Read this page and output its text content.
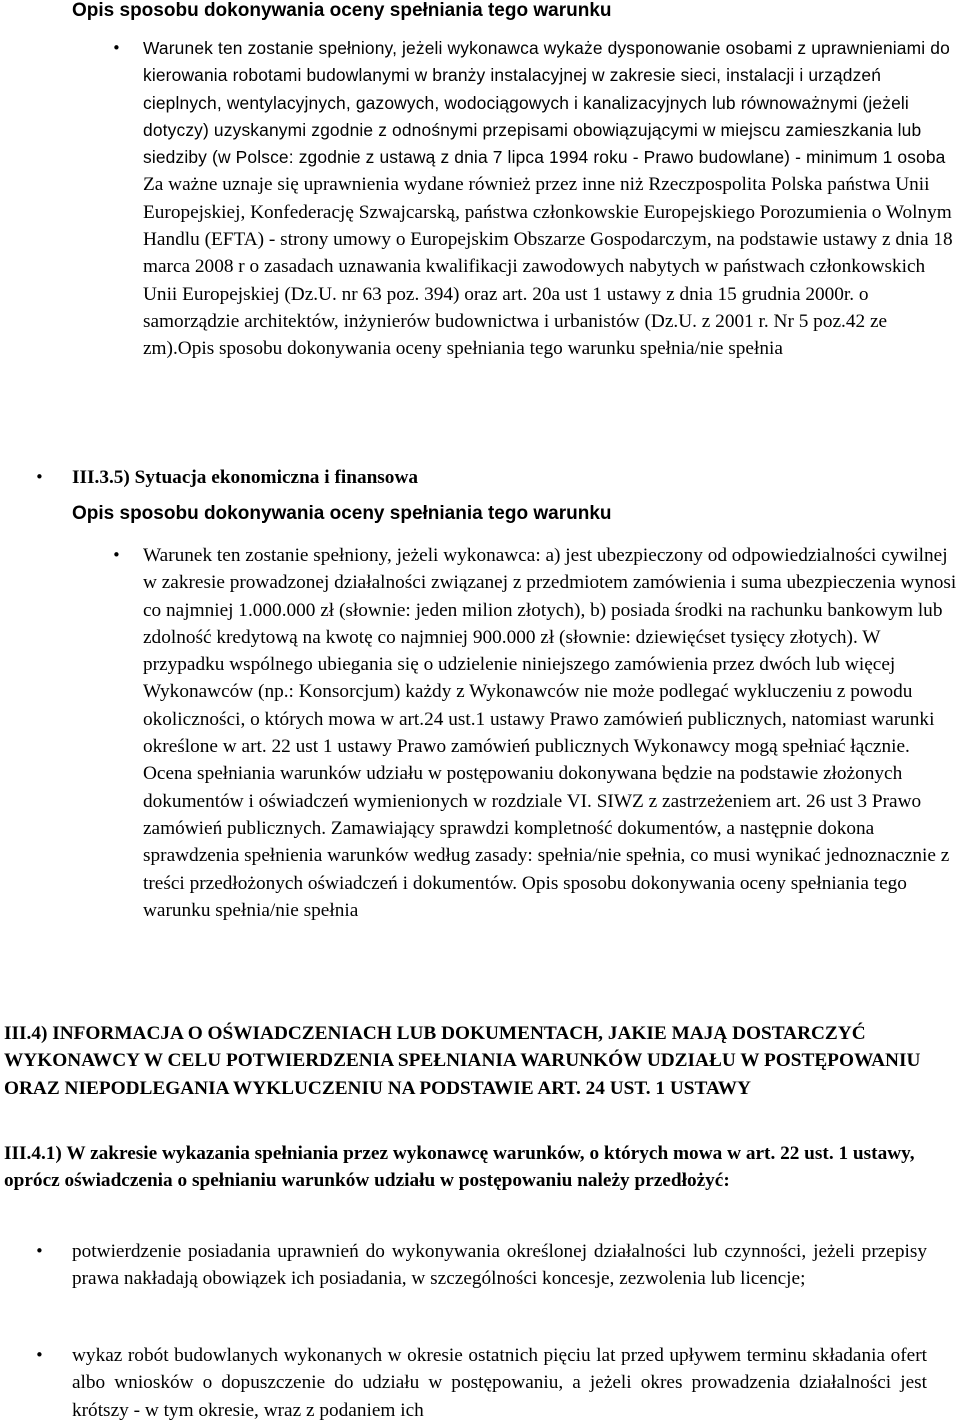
Opis sposobu dokonywania oceny spełniania tego warunku

• Warunek ten zostanie spełniony, jeżeli wykonawca wykaże dysponowanie osobami z uprawnieniami do kierowania robotami budowlanymi w branży instalacyjnej w zakresie sieci, instalacji i urządzeń cieplnych, wentylacyjnych, gazowych, wodociągowych i kanalizacyjnych lub równoważnymi (jeżeli dotyczy) uzyskanymi zgodnie z odnośnymi przepisami obowiązującymi w miejscu zamieszkania lub siedziby (w Polsce: zgodnie z ustawą z dnia 7 lipca 1994 roku - Prawo budowlane) - minimum 1 osoba Za ważne uznaje się uprawnienia wydane również przez inne niż Rzeczpospolita Polska państwa Unii Europejskiej, Konfederację Szwajcarską, państwa członkowskie Europejskiego Porozumienia o Wolnym Handlu (EFTA) - strony umowy o Europejskim Obszarze Gospodarczym, na podstawie ustawy z dnia 18 marca 2008 r o zasadach uznawania kwalifikacji zawodowych nabytych w państwach członkowskich Unii Europejskiej (Dz.U. nr 63 poz. 394) oraz art. 20a ust 1 ustawy z dnia 15 grudnia 2000r. o samorządzie architektów, inżynierów budownictwa i urbanistów (Dz.U. z 2001 r. Nr 5 poz.42 ze zm).Opis sposobu dokonywania oceny spełniania tego warunku spełnia/nie spełnia

• III.3.5) Sytuacja ekonomiczna i finansowa
Opis sposobu dokonywania oceny spełniania tego warunku

• Warunek ten zostanie spełniony, jeżeli wykonawca: a) jest ubezpieczony od odpowiedzialności cywilnej w zakresie prowadzonej działalności związanej z przedmiotem zamówienia i suma ubezpieczenia wynosi co najmniej 1.000.000 zł (słownie: jeden milion złotych), b) posiada środki na rachunku bankowym lub zdolność kredytową na kwotę co najmniej 900.000 zł (słownie: dziewięćset tysięcy złotych). W przypadku wspólnego ubiegania się o udzielenie niniejszego zamówienia przez dwóch lub więcej Wykonawców (np.: Konsorcjum) każdy z Wykonawców nie może podlegać wykluczeniu z powodu okoliczności, o których mowa w art.24 ust.1 ustawy Prawo zamówień publicznych, natomiast warunki określone w art. 22 ust 1 ustawy Prawo zamówień publicznych Wykonawcy mogą spełniać łącznie. Ocena spełniania warunków udziału w postępowaniu dokonywana będzie na podstawie złożonych dokumentów i oświadczeń wymienionych w rozdziale VI. SIWZ z zastrzeżeniem art. 26 ust 3 Prawo zamówień publicznych. Zamawiający sprawdzi kompletność dokumentów, a następnie dokona sprawdzenia spełnienia warunków według zasady: spełnia/nie spełnia, co musi wynikać jednoznacznie z treści przedłożonych oświadczeń i dokumentów. Opis sposobu dokonywania oceny spełniania tego warunku spełnia/nie spełnia

III.4) INFORMACJA O OŚWIADCZENIACH LUB DOKUMENTACH, JAKIE MAJĄ DOSTARCZYĆ WYKONAWCY W CELU POTWIERDZENIA SPEŁNIANIA WARUNKÓW UDZIAŁU W POSTĘPOWANIU ORAZ NIEPODLEGANIA WYKLUCZENIU NA PODSTAWIE ART. 24 UST. 1 USTAWY

III.4.1) W zakresie wykazania spełniania przez wykonawcę warunków, o których mowa w art. 22 ust. 1 ustawy, oprócz oświadczenia o spełnianiu warunków udziału w postępowaniu należy przedłożyć:

• potwierdzenie posiadania uprawnień do wykonywania określonej działalności lub czynności, jeżeli przepisy prawa nakładają obowiązek ich posiadania, w szczególności koncesje, zezwolenia lub licencje;

• wykaz robót budowlanych wykonanych w okresie ostatnich pięciu lat przed upływem terminu składania ofert albo wniosków o dopuszczenie do udziału w postępowaniu, a jeżeli okres prowadzenia działalności jest krótszy - w tym okresie, wraz z podaniem ich
